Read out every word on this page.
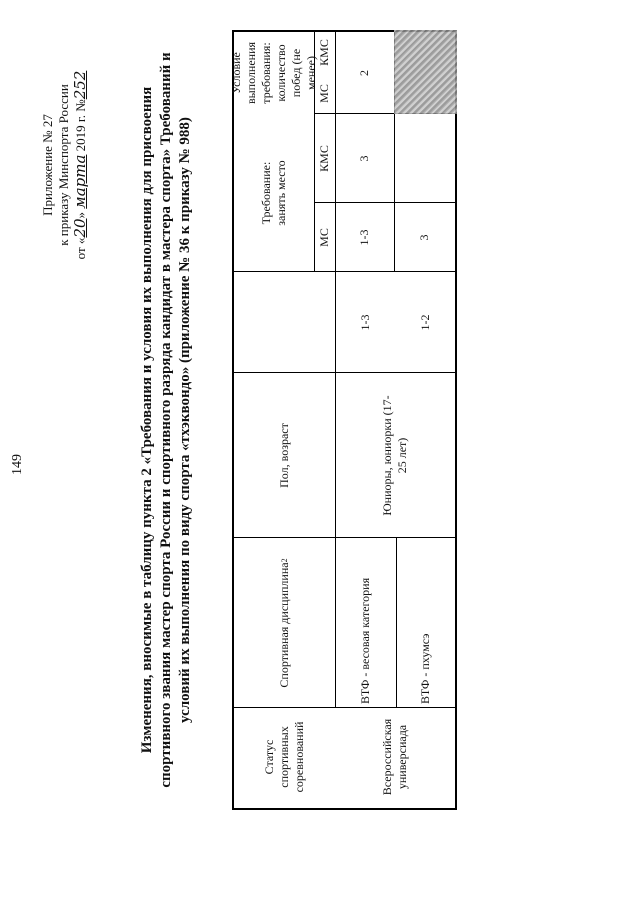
149
Приложение № 27 к приказу Минспорта России
от «20» марта 2019 г. №252
Изменения, вносимые в таблицу пункта 2 «Требования и условия их выполнения для присвоения спортивного звания мастер спорта России и спортивного разряда кандидат в мастера спорта» Требований и условий их выполнения по виду спорта «тхэквондо» (приложение № 36 к приказу № 988)
Статус спортивных соревнований
Спортивная дисциплина
2
Пол, возраст
Требование: занять место
Условие выполнения требования: количество побед (не менее)
МС
КМС
МС
КМС
Всероссийская универсиада
Юниоры, юниорки (17-25 лет)
ВТФ - весовая категория
1-3
1-3
3
2
ВТФ - пхумсэ
1-2
3
